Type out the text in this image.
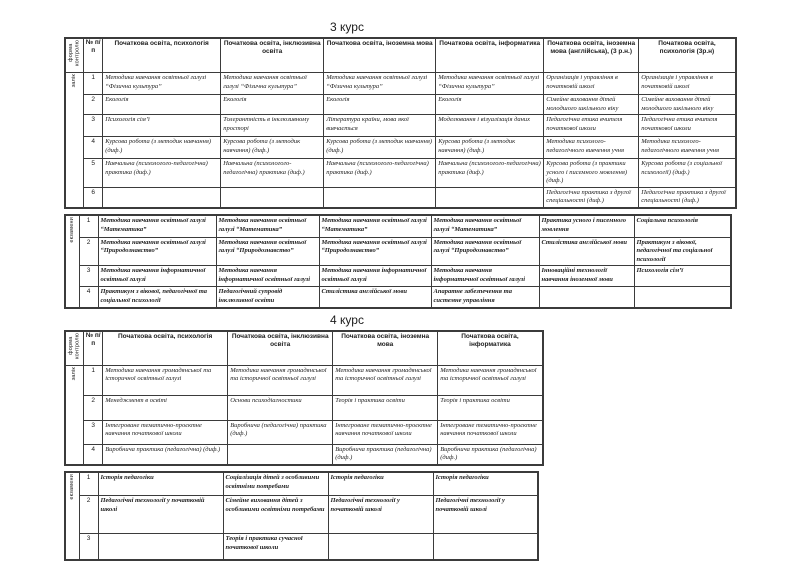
3 курс
форма контролю	№ п/п	Початкова освіта, психологія	Початкова освіта, інклюзивна освіта	Початкова освіта, іноземна мова	Початкова освіта, інформатика	Початкова освіта, іноземна мова (англійська), (3 р.н.)	Початкова освіта, психологія (3р.н)
залік	1	Методика навчання освітньої галузі “Фізична культура”	Методика навчання освітньої галузі “Фізична культура”	Методика навчання освітньої галузі “Фізична культура”	Методика навчання освітньої галузі “Фізична культура”	Організація і управління в початковій школі	Організація і управління в початковій школі
	2	Екологія	Екологія	Екологія	Екологія	Сімейне виховання дітей молодшого шкільного віку	Сімейне виховання дітей молодшого шкільного віку
	3	Психологія сім’ї	Толерантність в інклюзивному просторі	Література країни, мова якої вивчається	Моделювання і візуалізація даних	Педагогічна етика вчителя початкової школи	Педагогічна етика вчителя початкової школи
	4	Курсова робота (з методик навчання) (диф.)	Курсова робота (з методик навчання) (диф.)	Курсова робота (з методик навчання) (диф.)	Курсова робота (з методик навчання) (диф.)	Методика психолого-педагогічного вивчення учня	Методика психолого-педагогічного вивчення учня
	5	Навчальна (психологого-педагогічна) практика (диф.)	Навчальна (психологого-педагогічна) практика (диф.)	Навчальна (психологого-педагогічна) практика (диф.)	Навчальна (психологого-педагогічна) практика (диф.)	Курсова робота (з практики усного і писемного мовлення) (диф.)	Курсова робота (з соціальної психології) (диф.)
	6					Педагогічна практика з другої спеціальності (диф.)	Педагогічна практика з другої спеціальності (диф.)
екзамени	1	Методика навчання освітньої галузі “Математика”	Методика навчання освітньої галузі “Математика”	Методика навчання освітньої галузі “Математика”	Методика навчання освітньої галузі “Математика”	Практика усного і писемного мовлення	Соціальна психологія
	2	Методика навчання освітньої галузі “Природознавство”	Методика навчання освітньої галузі “Природознавство”	Методика навчання освітньої галузі “Природознавство”	Методика навчання освітньої галузі “Природознавство”	Стилістика англійської мови	Практикум з вікової, педагогічної та соціальної психології
	3	Методика навчання інформатичної освітньої галузі	Методика навчання інформатичної освітньої галузі	Методика навчання інформатичної освітньої галузі	Методика навчання інформатичної освітньої галузі	Інноваційні технології навчання іноземної мови	Психологія сім’ї
	4	Практикум з вікової, педагогічної та соціальної психології	Педагогічний супровід інклюзивної освіти	Стилістика англійської мови	Апаратне забезпечення та системне управління		
4 курс
форма контролю	№ п/п	Початкова освіта, психологія	Початкова освіта, інклюзивна освіта	Початкова освіта, іноземна мова	Початкова освіта, інформатика
залік	1	Методика навчання громадянської та історичної освітньої галузі	Методика навчання громадянської та історичної освітньої галузі	Методика навчання громадянської та історичної освітньої галузі	Методика навчання громадянської та історичної освітньої галузі
	2	Менеджмент в освіті	Основи психодіагностики	Теорія і практика освіти	Теорія і практика освіти
	3	Інтегроване тематично-проєктне навчання початкової школи	Виробнича (педагогічна) практика (диф.)	Інтегроване тематично-проєктне навчання початкової школи	Інтегроване тематично-проєктне навчання початкової школи
	4	Виробнича практика (педагогічна) (диф.)		Виробнича практика (педагогічна) (диф.)	Виробнича практика (педагогічна) (диф.)
екзамени	1	Історія педагогіки	Соціалізація дітей з особливими освітніми потребами	Історія педагогіки	Історія педагогіки
	2	Педагогічні технології у початковій школі	Сімейне виховання дітей з особливими освітніми потребами	Педагогічні технології у початковій школі	Педагогічні технології у початковій школі
	3		Теорія і практика сучасної початкової школи		
